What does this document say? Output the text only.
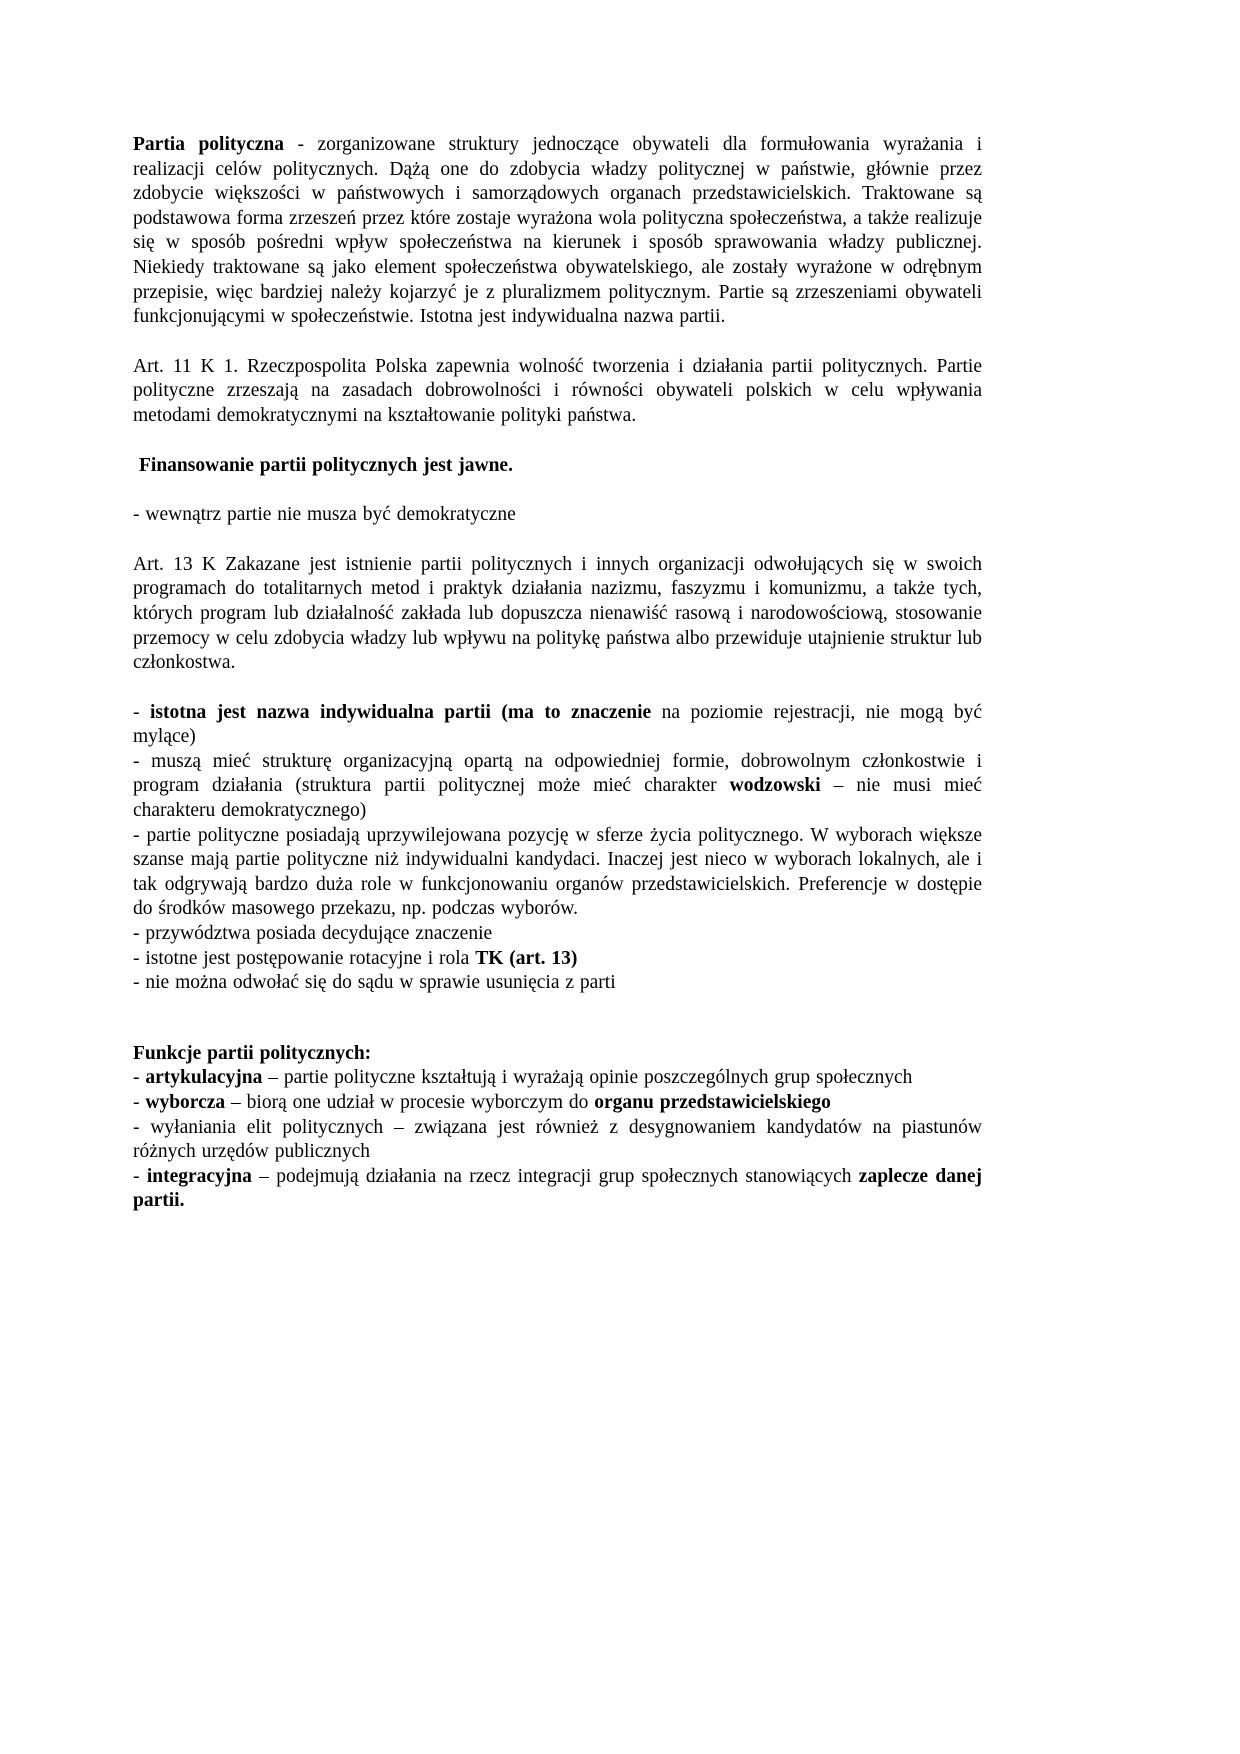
Partia polityczna - zorganizowane struktury jednoczące obywateli dla formułowania wyrażania i realizacji celów politycznych. Dążą one do zdobycia władzy politycznej w państwie, głównie przez zdobycie większości w państwowych i samorządowych organach przedstawicielskich. Traktowane są podstawowa forma zrzeszeń przez które zostaje wyrażona wola polityczna społeczeństwa, a także realizuje się w sposób pośredni wpływ społeczeństwa na kierunek i sposób sprawowania władzy publicznej. Niekiedy traktowane są jako element społeczeństwa obywatelskiego, ale zostały wyrażone w odrębnym przepisie, więc bardziej należy kojarzyć je z pluralizmem politycznym. Partie są zrzeszeniami obywateli funkcjonującymi w społeczeństwie. Istotna jest indywidualna nazwa partii.

Art. 11 K 1. Rzeczpospolita Polska zapewnia wolność tworzenia i działania partii politycznych. Partie polityczne zrzeszają na zasadach dobrowolności i równości obywateli polskich w celu wpływania metodami demokratycznymi na kształtowanie polityki państwa.

Finansowanie partii politycznych jest jawne.

- wewnątrz partie nie musza być demokratyczne

Art. 13 K Zakazane jest istnienie partii politycznych i innych organizacji odwołujących się w swoich programach do totalitarnych metod i praktyk działania nazizmu, faszyzmu i komunizmu, a także tych, których program lub działalność zakłada lub dopuszcza nienawiść rasową i narodowościową, stosowanie przemocy w celu zdobycia władzy lub wpływu na politykę państwa albo przewiduje utajnienie struktur lub członkostwa.

- istotna jest nazwa indywidualna partii (ma to znaczenie na poziomie rejestracji, nie mogą być mylące)

- muszą mieć strukturę organizacyjną opartą na odpowiedniej formie, dobrowolnym członkostwie i program działania (struktura partii politycznej może mieć charakter wodzowski – nie musi mieć charakteru demokratycznego)

- partie polityczne posiadają uprzywilejowana pozycję w sferze życia politycznego. W wyborach większe szanse mają partie polityczne niż indywidualni kandydaci. Inaczej jest nieco w wyborach lokalnych, ale i tak odgrywają bardzo duża role w funkcjonowaniu organów przedstawicielskich. Preferencje w dostępie do środków masowego przekazu, np. podczas wyborów.

- przywództwa posiada decydujące znaczenie

- istotne jest postępowanie rotacyjne i rola TK (art. 13)

- nie można odwołać się do sądu w sprawie usunięcia z parti

Funkcje partii politycznych:

- artykulacyjna – partie polityczne kształtują i wyrażają opinie poszczególnych grup społecznych

- wyborcza – biorą one udział w procesie wyborczym do organu przedstawicielskiego

- wyłaniania elit politycznych – związana jest również z desygnowaniem kandydatów na piastunów różnych urzędów publicznych

- integracyjna – podejmują działania na rzecz integracji grup społecznych stanowiących zaplecze danej partii.
